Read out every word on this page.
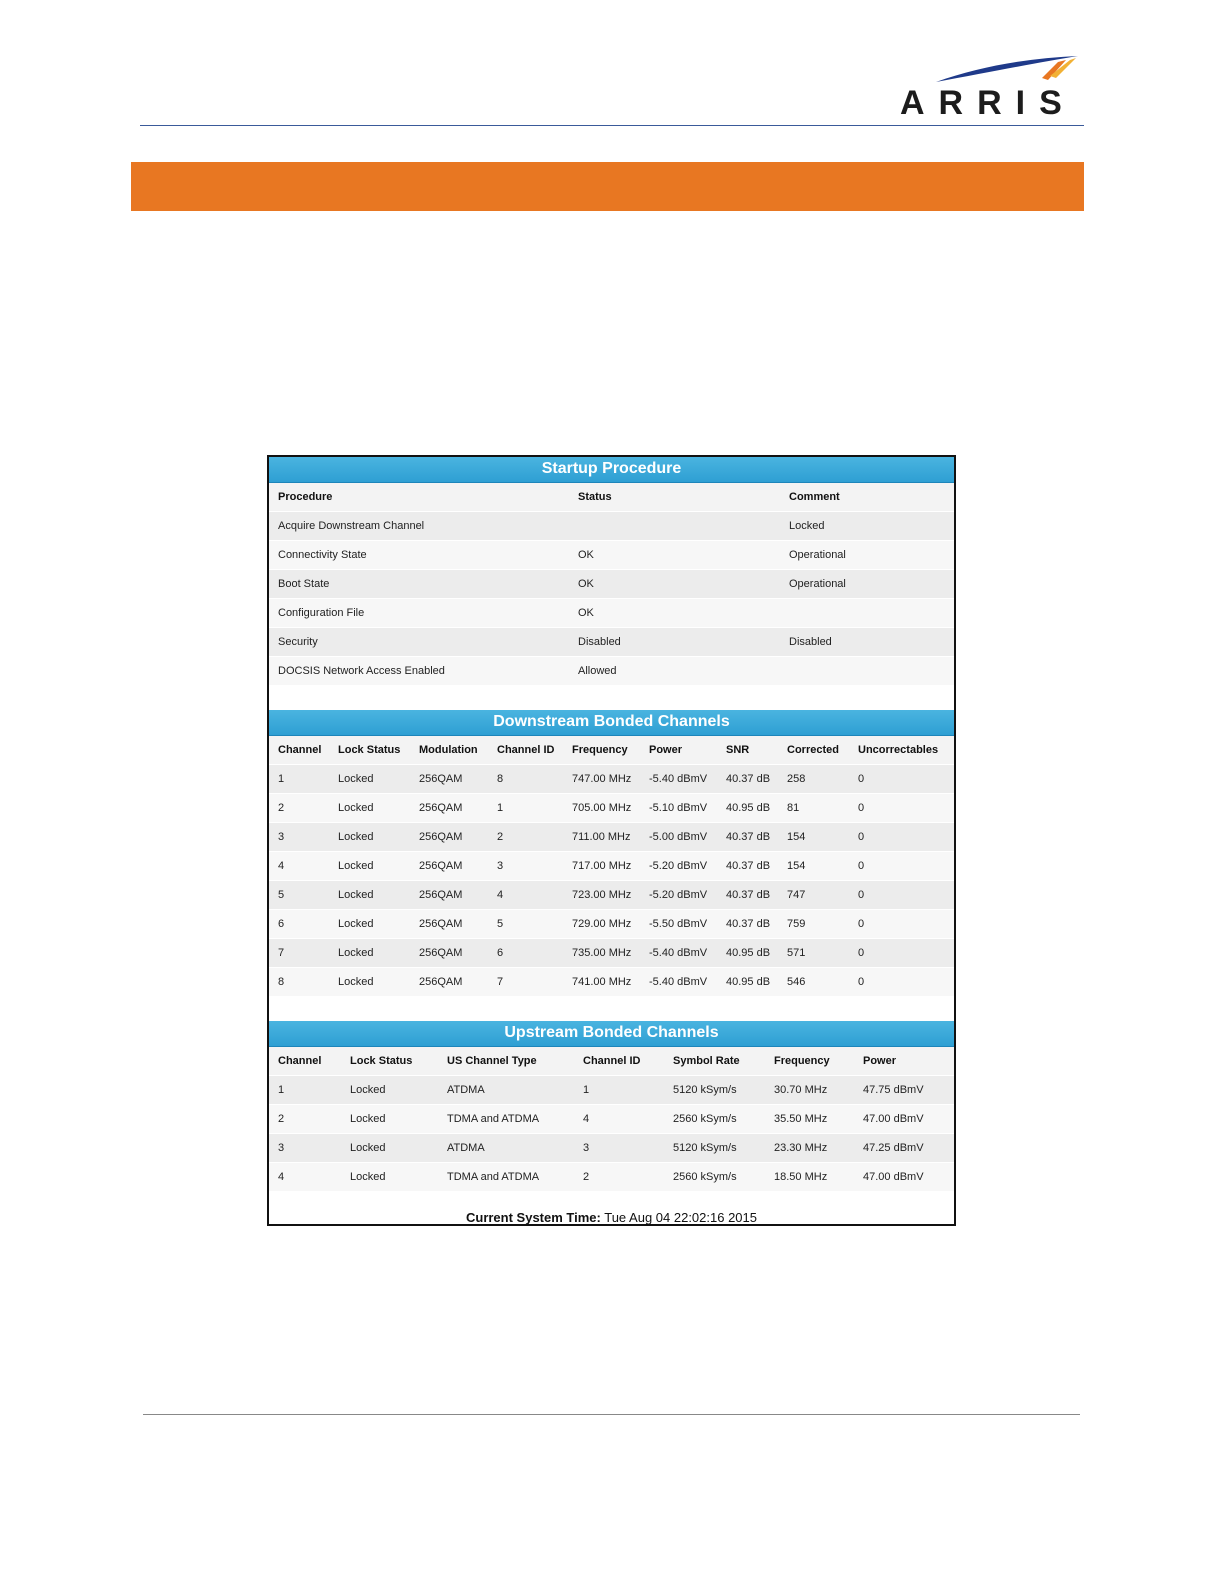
ARRIS
Startup Procedure
Procedure	Status	Comment
Acquire Downstream Channel		Locked
Connectivity State	OK	Operational
Boot State	OK	Operational
Configuration File	OK	
Security	Disabled	Disabled
DOCSIS Network Access Enabled	Allowed	
Downstream Bonded Channels
Channel	Lock Status	Modulation	Channel ID	Frequency	Power	SNR	Corrected	Uncorrectables
1	Locked	256QAM	8	747.00 MHz	-5.40 dBmV	40.37 dB	258	0
2	Locked	256QAM	1	705.00 MHz	-5.10 dBmV	40.95 dB	81	0
3	Locked	256QAM	2	711.00 MHz	-5.00 dBmV	40.37 dB	154	0
4	Locked	256QAM	3	717.00 MHz	-5.20 dBmV	40.37 dB	154	0
5	Locked	256QAM	4	723.00 MHz	-5.20 dBmV	40.37 dB	747	0
6	Locked	256QAM	5	729.00 MHz	-5.50 dBmV	40.37 dB	759	0
7	Locked	256QAM	6	735.00 MHz	-5.40 dBmV	40.95 dB	571	0
8	Locked	256QAM	7	741.00 MHz	-5.40 dBmV	40.95 dB	546	0
Upstream Bonded Channels
Channel	Lock Status	US Channel Type	Channel ID	Symbol Rate	Frequency	Power
1	Locked	ATDMA	1	5120 kSym/s	30.70 MHz	47.75 dBmV
2	Locked	TDMA and ATDMA	4	2560 kSym/s	35.50 MHz	47.00 dBmV
3	Locked	ATDMA	3	5120 kSym/s	23.30 MHz	47.25 dBmV
4	Locked	TDMA and ATDMA	2	2560 kSym/s	18.50 MHz	47.00 dBmV
Current System Time: Tue Aug 04 22:02:16 2015
